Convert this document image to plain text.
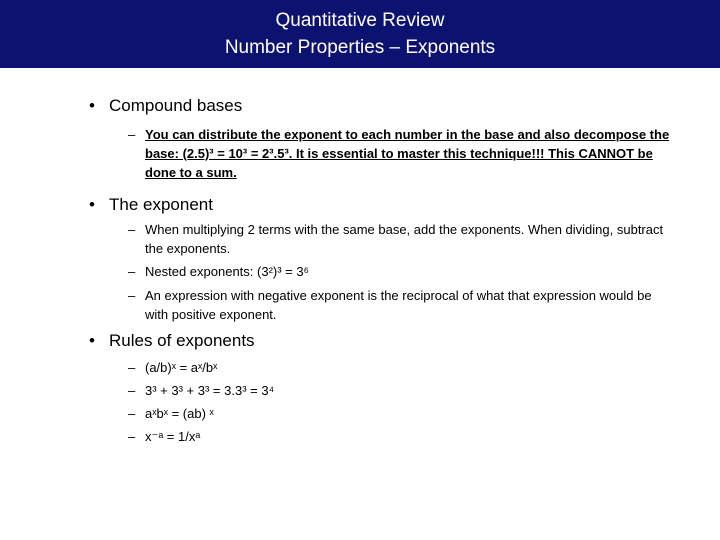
Quantitative Review
Number Properties – Exponents
• Compound bases
– You can distribute the exponent to each number in the base and also decompose the base: (2.5)³ = 10³ = 2³.5³. It is essential to master this technique!!! This CANNOT be done to a sum.
• The exponent
– When multiplying 2 terms with the same base, add the exponents. When dividing, subtract the exponents.
– Nested exponents: (3²)³ = 3⁶
– An expression with negative exponent is the reciprocal of what that expression would be with positive exponent.
• Rules of exponents
– (a/b)ˣ = aˣ/bˣ
– 3³ + 3³ + 3³ = 3.3³ = 3⁴
– aˣbˣ = (ab) ˣ
– x⁻ᵃ = 1/xᵃ
